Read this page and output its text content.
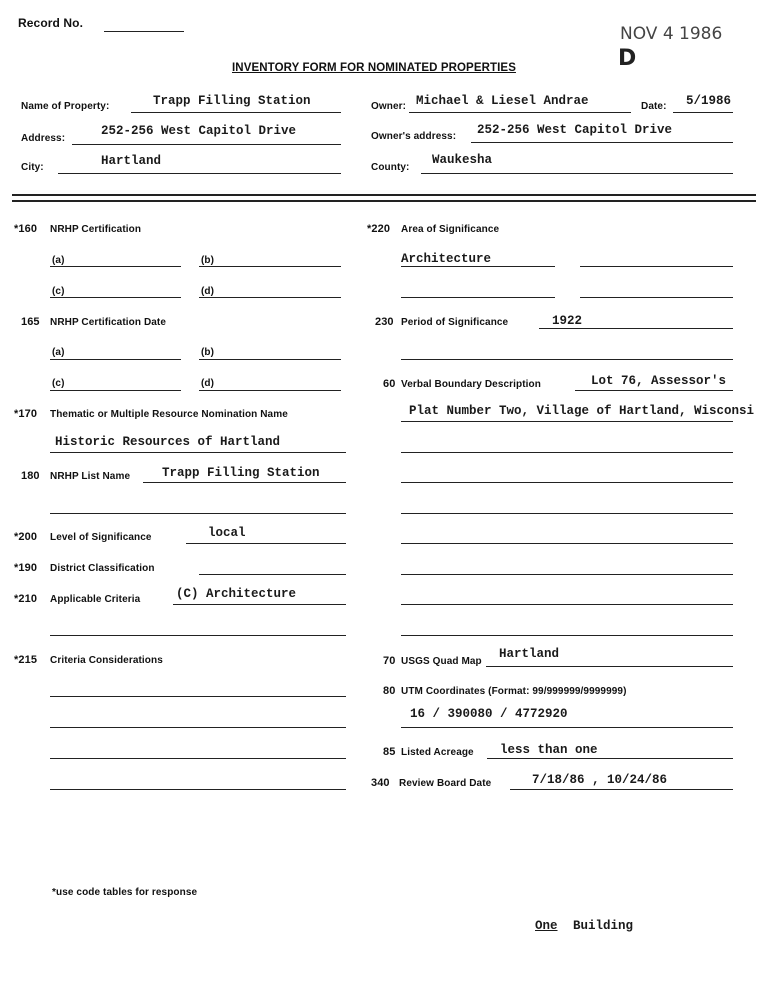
Record No.
NOV 4 1986
D
INVENTORY FORM FOR NOMINATED PROPERTIES
Name of Property:	Trapp Filling Station	Owner: Michael & Liesel Andrae	Date: 5/1986
Address:
252-256 West Capitol Drive	Owner's address: 252-256 West Capitol Drive
City:	Hartland	County:
Waukesha
*160 NRHP Certification
(a)	(b)
(c)	(d)
165 NRHP Certification Date
(a)	(b)
(c)	(d)
*170 Thematic or Multiple Resource Nomination Name
Historic Resources of Hartland
180 NRHP List Name	Trapp Filling Station
*200 Level of Significance	local
*190 District Classification
*210 Applicable Criteria	(C) Architecture
*215 Criteria Considerations
*220 Area of Significance
Architecture
230 Period of Significance	1922
60 Verbal Boundary Description	Lot 76, Assessor's
Plat Number Two, Village of Hartland, Wisconsi
70 USGS Quad Map
Hartland
80 UTM Coordinates (Format: 99/999999/9999999)
16 / 390080 / 4772920
85 Listed Acreage less than one
340 Review Board Date	7/18/86 , 10/24/86
*use code tables for response
One Building
